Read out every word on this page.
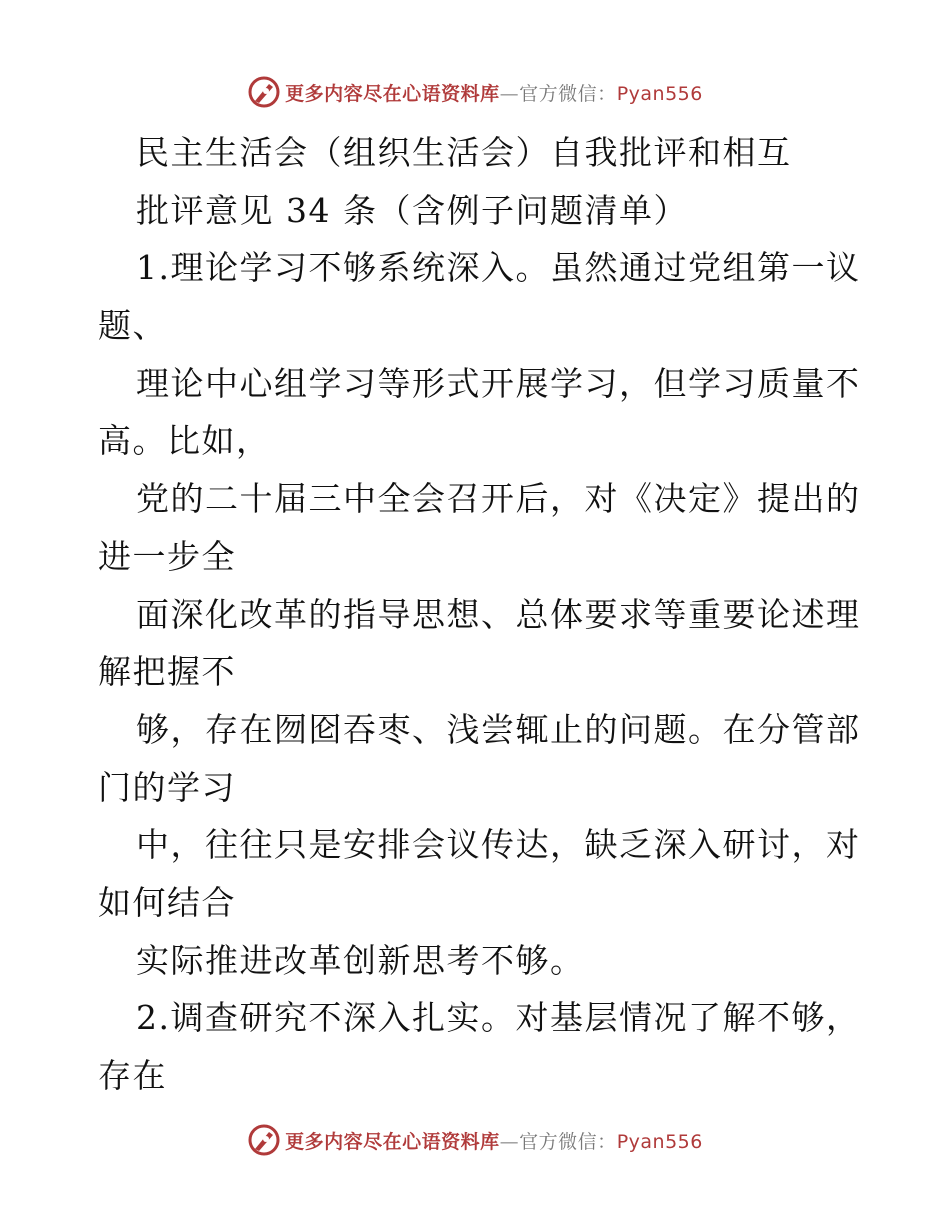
更多内容尽在心语资料库—官方微信：Pyan556
民主生活会（组织生活会）自我批评和相互
批评意见 34 条（含例子问题清单）
1.理论学习不够系统深入。虽然通过党组第一议
题、
理论中心组学习等形式开展学习，但学习质量不
高。比如，
党的二十届三中全会召开后，对《决定》提出的
进一步全
面深化改革的指导思想、总体要求等重要论述理
解把握不
够，存在囫囵吞枣、浅尝辄止的问题。在分管部
门的学习
中，往往只是安排会议传达，缺乏深入研讨，对
如何结合
实际推进改革创新思考不够。
2.调查研究不深入扎实。对基层情况了解不够，
存在
更多内容尽在心语资料库—官方微信：Pyan556
